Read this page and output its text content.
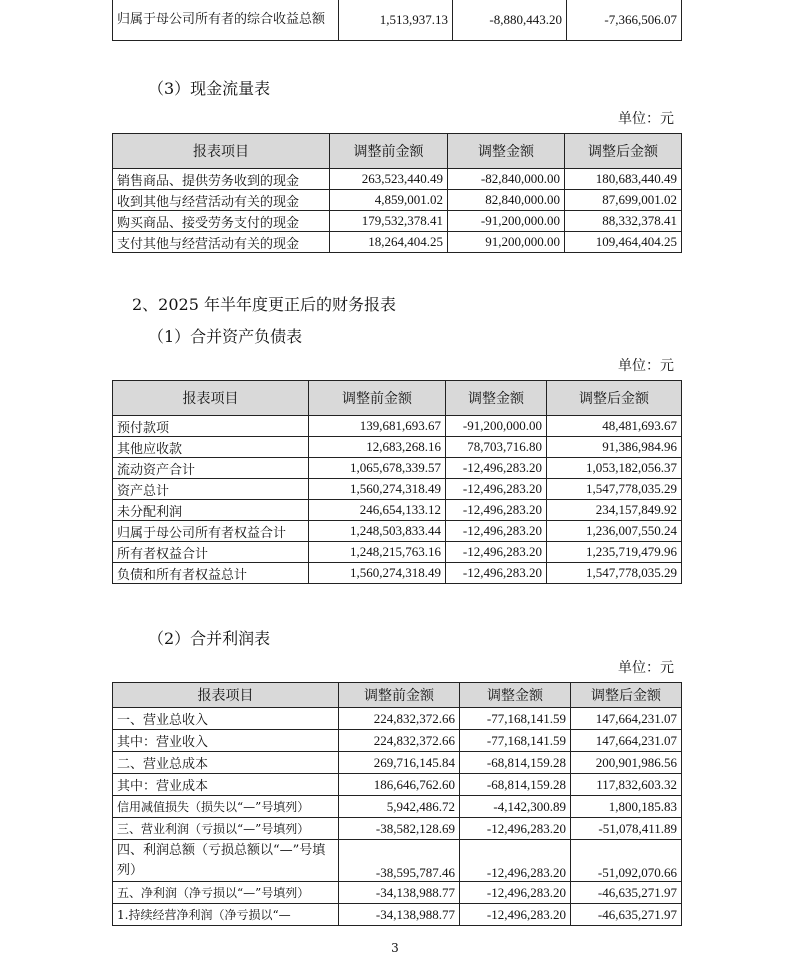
归属于母公司所有者的综合收益总额	1,513,937.13	-8,880,443.20	-7,366,506.07
（3）现金流量表
单位：元
报表项目	调整前金额	调整金额	调整后金额
销售商品、提供劳务收到的现金	263,523,440.49	-82,840,000.00	180,683,440.49
收到其他与经营活动有关的现金	4,859,001.02	82,840,000.00	87,699,001.02
购买商品、接受劳务支付的现金	179,532,378.41	-91,200,000.00	88,332,378.41
支付其他与经营活动有关的现金	18,264,404.25	91,200,000.00	109,464,404.25
2、2025 年半年度更正后的财务报表
（1）合并资产负债表
单位：元
报表项目	调整前金额	调整金额	调整后金额
预付款项	139,681,693.67	-91,200,000.00	48,481,693.67
其他应收款	12,683,268.16	78,703,716.80	91,386,984.96
流动资产合计	1,065,678,339.57	-12,496,283.20	1,053,182,056.37
资产总计	1,560,274,318.49	-12,496,283.20	1,547,778,035.29
未分配利润	246,654,133.12	-12,496,283.20	234,157,849.92
归属于母公司所有者权益合计	1,248,503,833.44	-12,496,283.20	1,236,007,550.24
所有者权益合计	1,248,215,763.16	-12,496,283.20	1,235,719,479.96
负债和所有者权益总计	1,560,274,318.49	-12,496,283.20	1,547,778,035.29
（2）合并利润表
单位：元
报表项目	调整前金额	调整金额	调整后金额
一、营业总收入	224,832,372.66	-77,168,141.59	147,664,231.07
其中：营业收入	224,832,372.66	-77,168,141.59	147,664,231.07
二、营业总成本	269,716,145.84	-68,814,159.28	200,901,986.56
其中：营业成本	186,646,762.60	-68,814,159.28	117,832,603.32
信用减值损失（损失以“—”号填列）	5,942,486.72	-4,142,300.89	1,800,185.83
三、营业利润（亏损以“—”号填列）	-38,582,128.69	-12,496,283.20	-51,078,411.89
四、利润总额（亏损总额以“—”号填列）	-38,595,787.46	-12,496,283.20	-51,092,070.66
五、净利润（净亏损以“—”号填列）	-34,138,988.77	-12,496,283.20	-46,635,271.97
1.持续经营净利润（净亏损以“—	-34,138,988.77	-12,496,283.20	-46,635,271.97
3
